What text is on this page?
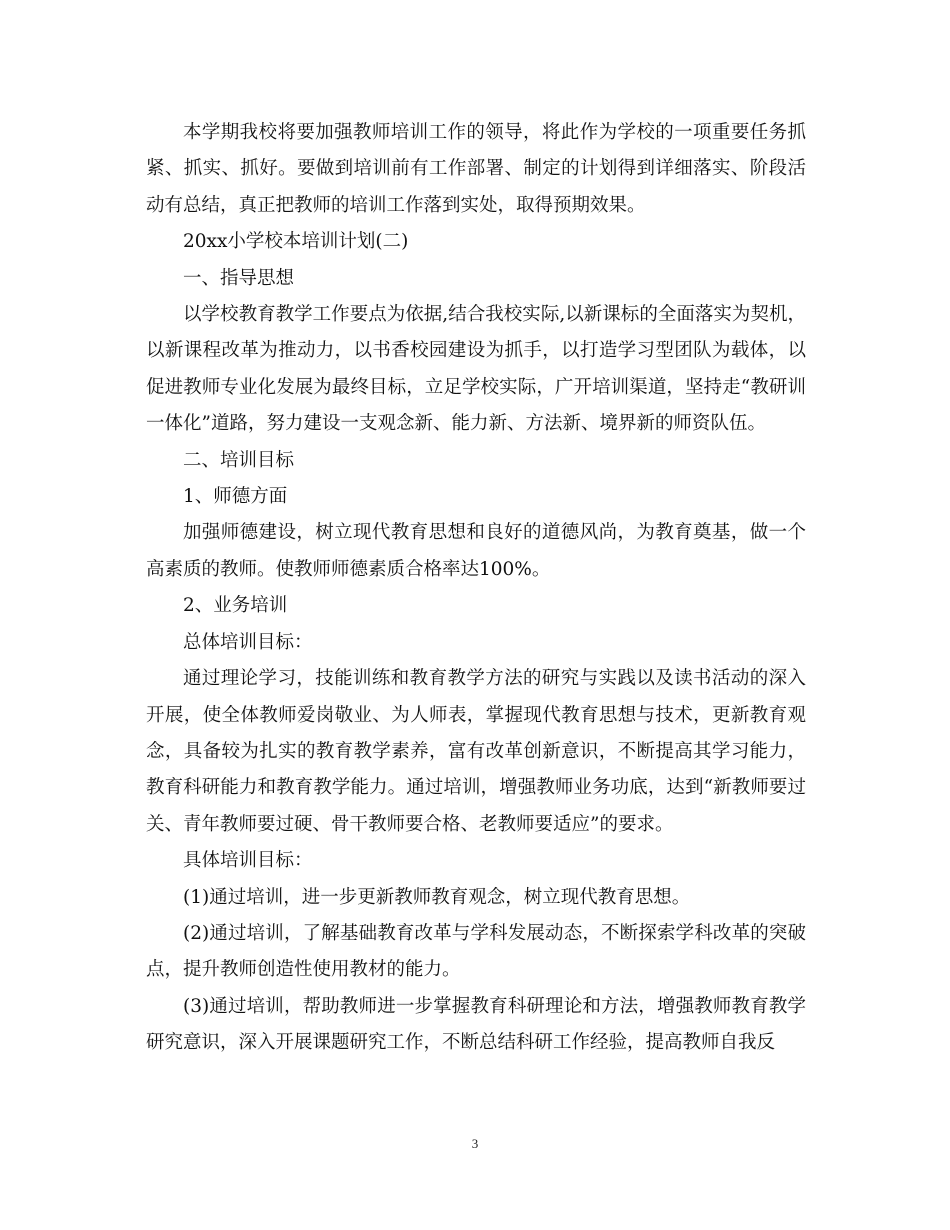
本学期我校将要加强教师培训工作的领导，将此作为学校的一项重要任务抓紧、抓实、抓好。要做到培训前有工作部署、制定的计划得到详细落实、阶段活动有总结，真正把教师的培训工作落到实处，取得预期效果。

20xx小学校本培训计划(二)

一、指导思想

以学校教育教学工作要点为依据,结合我校实际,以新课标的全面落实为契机，以新课程改革为推动力，以书香校园建设为抓手，以打造学习型团队为载体，以促进教师专业化发展为最终目标，立足学校实际，广开培训渠道，坚持走“教研训一体化”道路，努力建设一支观念新、能力新、方法新、境界新的师资队伍。

二、培训目标

1、师德方面

加强师德建设，树立现代教育思想和良好的道德风尚，为教育奠基，做一个高素质的教师。使教师师德素质合格率达100%。

2、业务培训

总体培训目标：

通过理论学习，技能训练和教育教学方法的研究与实践以及读书活动的深入开展，使全体教师爱岗敬业、为人师表，掌握现代教育思想与技术，更新教育观念，具备较为扎实的教育教学素养，富有改革创新意识，不断提高其学习能力，教育科研能力和教育教学能力。通过培训，增强教师业务功底，达到“新教师要过关、青年教师要过硬、骨干教师要合格、老教师要适应”的要求。

具体培训目标：

(1)通过培训，进一步更新教师教育观念，树立现代教育思想。

(2)通过培训，了解基础教育改革与学科发展动态，不断探索学科改革的突破点，提升教师创造性使用教材的能力。

(3)通过培训，帮助教师进一步掌握教育科研理论和方法，增强教师教育教学研究意识，深入开展课题研究工作，不断总结科研工作经验，提高教师自我反

3
